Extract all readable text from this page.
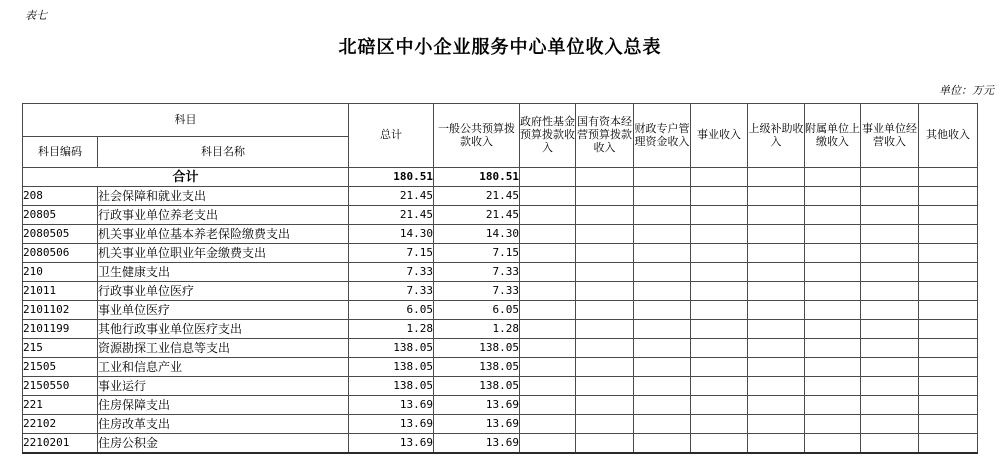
表七
北碚区中小企业服务中心单位收入总表
单位：万元
科目		总计	一般公共预算拨款收入	政府性基金预算拨款收入	国有资本经营预算拨款收入	财政专户管理资金收入	事业收入	上级补助收入	附属单位上缴收入	事业单位经营收入	其他收入
科目编码	科目名称										
合计		180.51	180.51								
208	社会保障和就业支出	21.45	21.45								
20805	行政事业单位养老支出	21.45	21.45								
2080505	机关事业单位基本养老保险缴费支出	14.30	14.30								
2080506	机关事业单位职业年金缴费支出	7.15	7.15								
210	卫生健康支出	7.33	7.33								
21011	行政事业单位医疗	7.33	7.33								
2101102	事业单位医疗	6.05	6.05								
2101199	其他行政事业单位医疗支出	1.28	1.28								
215	资源勘探工业信息等支出	138.05	138.05								
21505	工业和信息产业	138.05	138.05								
2150550	事业运行	138.05	138.05								
221	住房保障支出	13.69	13.69								
22102	住房改革支出	13.69	13.69								
2210201	住房公积金	13.69	13.69								
